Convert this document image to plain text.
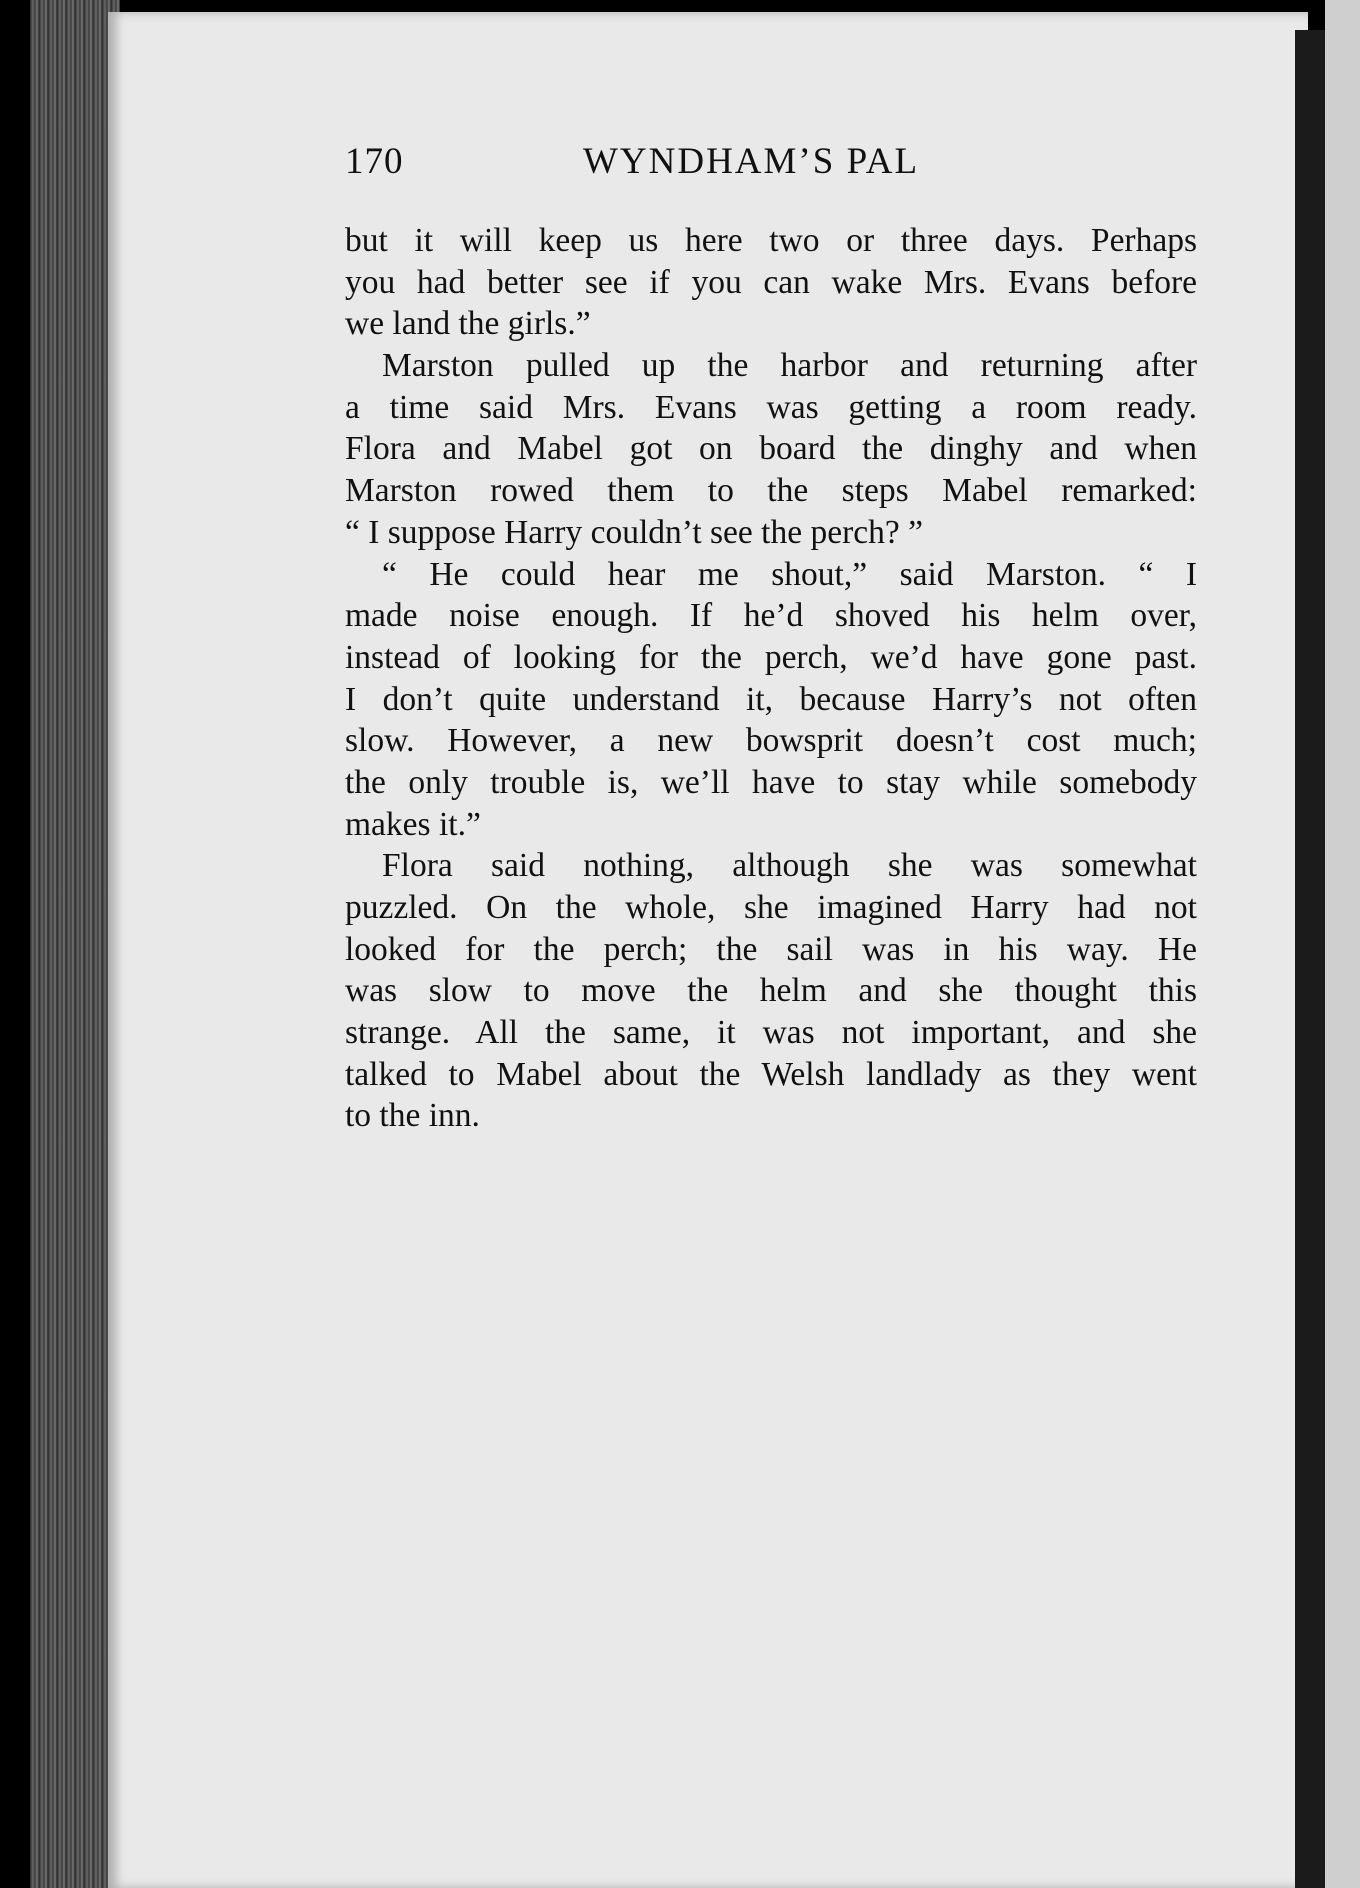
170	WYNDHAM’S PAL
but it will keep us here two or three days. Perhaps
you had better see if you can wake Mrs. Evans before
we land the girls.”
Marston pulled up the harbor and returning after
a time said Mrs. Evans was getting a room ready.
Flora and Mabel got on board the dinghy and when
Marston rowed them to the steps Mabel remarked:
“ I suppose Harry couldn’t see the perch? ”
“ He could hear me shout,” said Marston. “ I
made noise enough. If he’d shoved his helm over,
instead of looking for the perch, we’d have gone past.
I don’t quite understand it, because Harry’s not often
slow. However, a new bowsprit doesn’t cost much;
the only trouble is, we’ll have to stay while somebody
makes it.”
Flora said nothing, although she was somewhat
puzzled. On the whole, she imagined Harry had not
looked for the perch; the sail was in his way. He
was slow to move the helm and she thought this
strange. All the same, it was not important, and she
talked to Mabel about the Welsh landlady as they went
to the inn.
